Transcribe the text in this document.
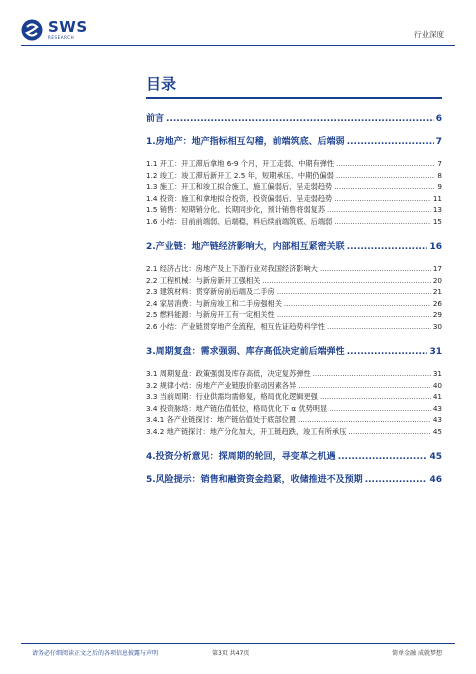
SWS
RESEARCH	行业深度
目录
前言 .....	6
1.房地产：地产指标相互勾稽，前端筑底、后端弱 .....	7
1.1 开工：开工滞后拿地 6-9 个月，开工走弱、中期有弹性 .....	7
1.2 竣工：竣工滞后新开工 2.5 年，短期承压、中期仍偏弱 .....	8
1.3 施工：开工和竣工拟合施工，施工偏弱后、呈走弱趋势 .....	9
1.4 投资：施工和拿地拟合投资，投资偏弱后、呈走弱趋势 .....	11
1.5 销售：短期销分化、长期同步化，预计销售将弱复苏 .....	13
1.6 小结：目前前端弱、后端稳，料后续前端筑底、后端弱 .....	15
2.产业链：地产链经济影响大，内部相互紧密关联 .....	16
2.1 经济占比：房地产及上下游行业对我国经济影响大 .....	17
2.2 工程机械：与新房新开工强相关 .....	20
2.3 建筑材料：贯穿新房前后端及二手房 .....	21
2.4 家居消费：与新房竣工和二手房强相关 .....	26
2.5 燃料能源：与新房开工有一定相关性 .....	29
2.6 小结：产业链贯穿地产全流程，相互佐证趋势科学性 .....	30
3.周期复盘：需求强弱、库存高低决定前后端弹性 .....	31
3.1 周期复盘：政策强弱及库存高低，决定复苏弹性 .....	31
3.2 规律小结：房地产产业链股价驱动因素各异 .....	40
3.3 当前周期：行业供需均需修复，格局优化逻辑更强 .....	41
3.4 投资脉络：地产链估值低位，格局优化下 α 优势明显 .....	43
3.4.1 各产业链探讨：地产链估值处于底部位置 .....	43
3.4.2 地产链探讨：地产分化加大，开工链趋跌，竣工有所承压 .....	45
4.投资分析意见：探周期的轮回，寻变革之机遇 .....	45
5.风险提示：销售和融资资金趋紧，收储推进不及预期 .....	46
请务必仔细阅读正文之后的各项信息披露与声明	第3页 共47页	简单金融 成就梦想
